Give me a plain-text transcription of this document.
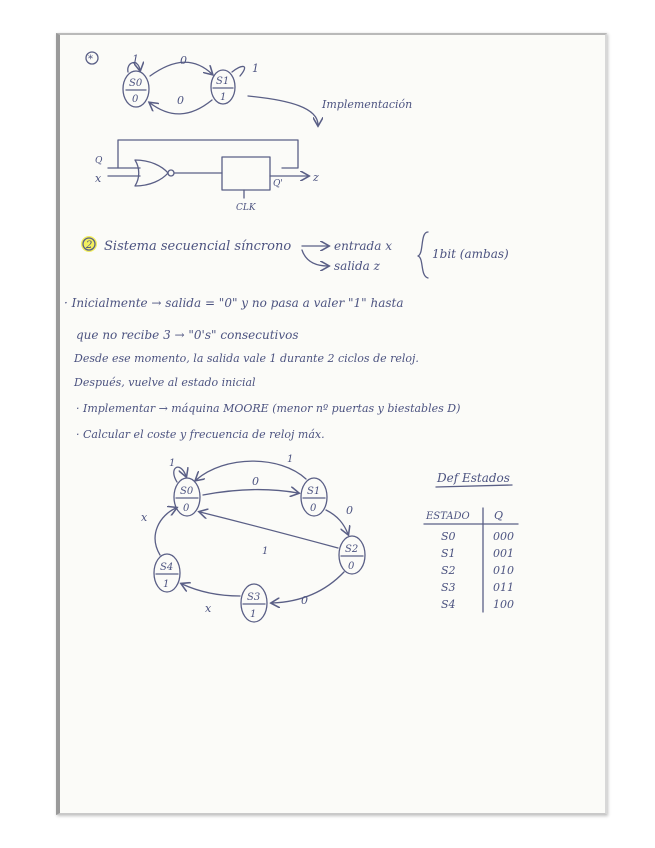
*
S0
0
S1
1
1	0
0
1
Implementación
Q
x	Q'	z
CLK
2 Sistema secuencial síncrono	entrada x
salida z
1bit (ambas)
· Inicialmente → salida = "0" y no pasa a valer "1" hasta
que no recibe 3 → "0's" consecutivos
Desde ese momento, la salida vale 1 durante 2 ciclos de reloj.
Después, vuelve al estado inicial
· Implementar → máquina MOORE (menor nº puertas y biestables D)
· Calcular el coste y frecuencia de reloj máx.
S0
0
S1
0
S2
0
S3
1
S4
1
1
0
1
0
1
0
x
x
Def Estados
ESTADO Q
S0	000
S1	001
S2	010
S3	011
S4	100
